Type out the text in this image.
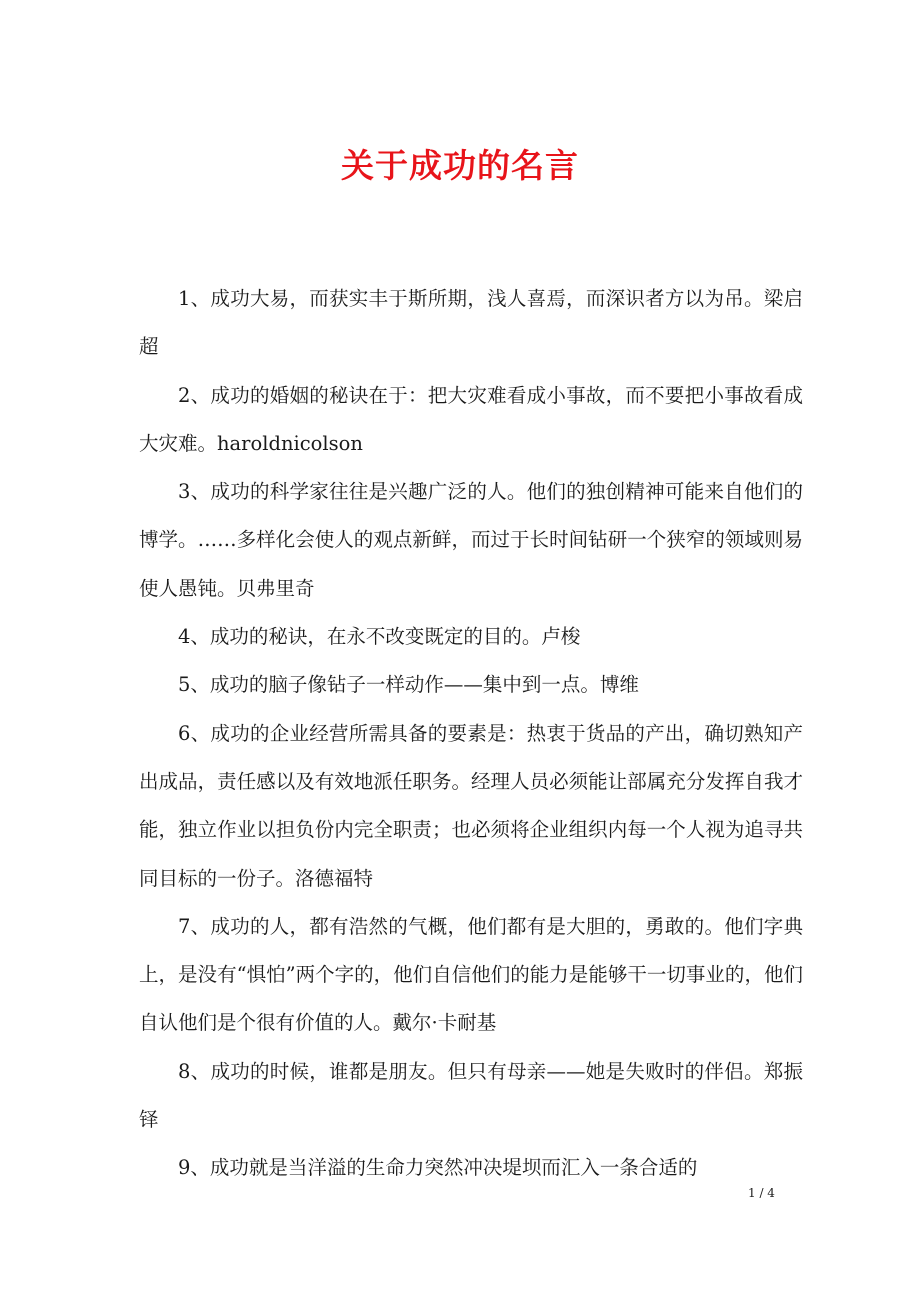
关于成功的名言

1、成功大易，而获实丰于斯所期，浅人喜焉，而深识者方以为吊。梁启超

2、成功的婚姻的秘诀在于：把大灾难看成小事故，而不要把小事故看成大灾难。haroldnicolson

3、成功的科学家往往是兴趣广泛的人。他们的独创精神可能来自他们的博学。……多样化会使人的观点新鲜，而过于长时间钻研一个狭窄的领域则易使人愚钝。贝弗里奇

4、成功的秘诀，在永不改变既定的目的。卢梭

5、成功的脑子像钻子一样动作——集中到一点。博维

6、成功的企业经营所需具备的要素是：热衷于货品的产出，确切熟知产出成品，责任感以及有效地派任职务。经理人员必须能让部属充分发挥自我才能，独立作业以担负份内完全职责；也必须将企业组织内每一个人视为追寻共同目标的一份子。洛德福特

7、成功的人，都有浩然的气概，他们都有是大胆的，勇敢的。他们字典上，是没有“惧怕”两个字的，他们自信他们的能力是能够干一切事业的，他们自认他们是个很有价值的人。戴尔·卡耐基

8、成功的时候，谁都是朋友。但只有母亲——她是失败时的伴侣。郑振铎

9、成功就是当洋溢的生命力突然冲决堤坝而汇入一条合适的

1 / 4
